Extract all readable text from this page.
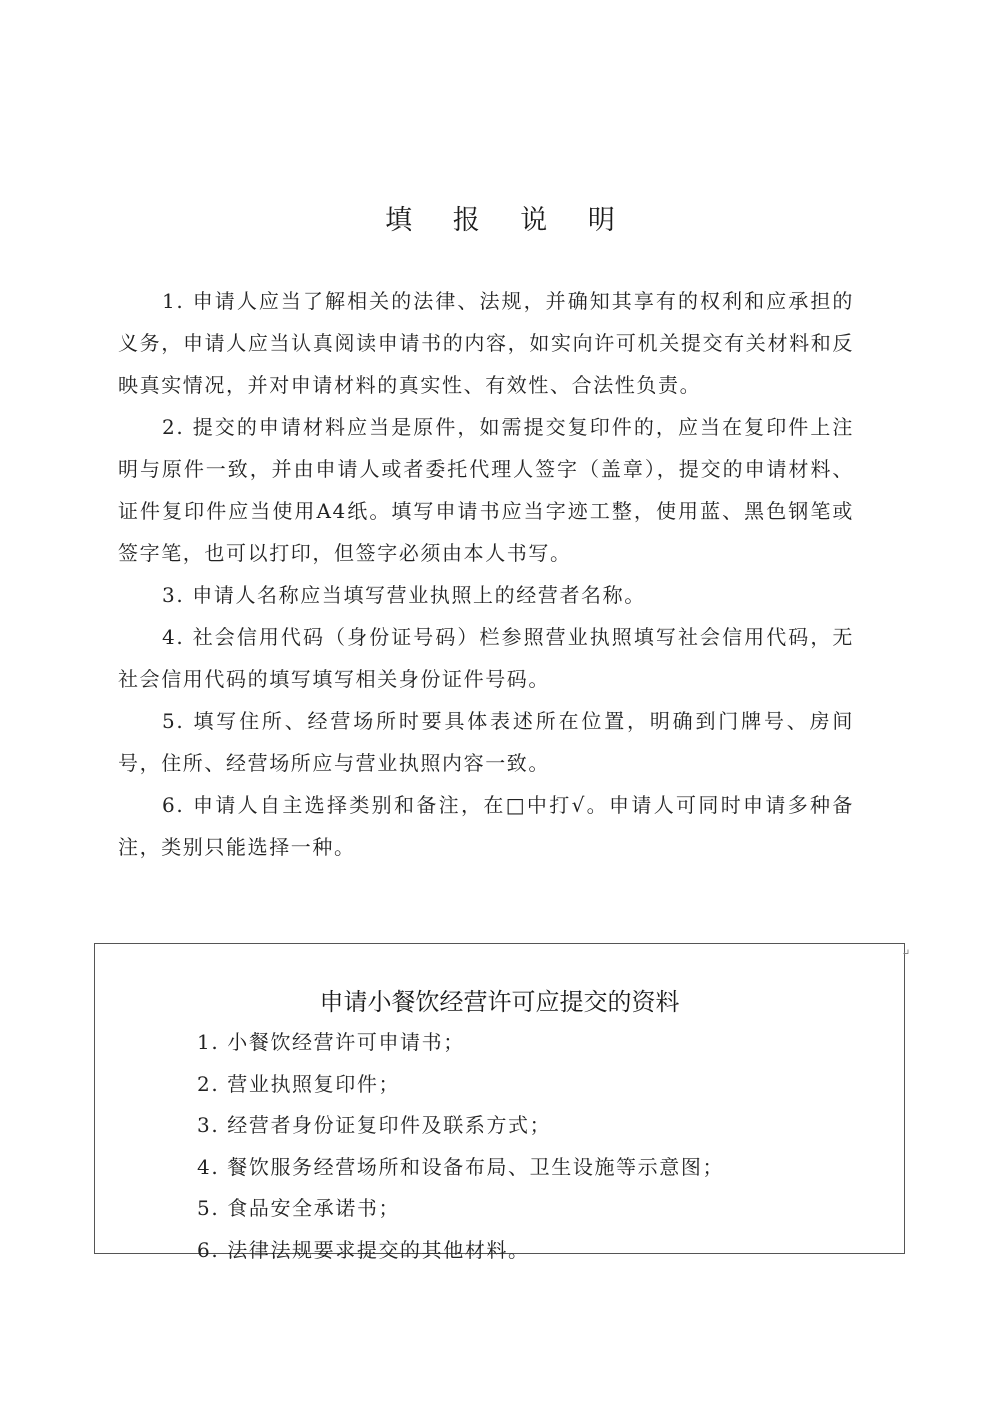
填 报 说 明

1. 申请人应当了解相关的法律、法规，并确知其享有的权利和应承担的义务，申请人应当认真阅读申请书的内容，如实向许可机关提交有关材料和反映真实情况，并对申请材料的真实性、有效性、合法性负责。

2. 提交的申请材料应当是原件，如需提交复印件的，应当在复印件上注明与原件一致，并由申请人或者委托代理人签字（盖章），提交的申请材料、证件复印件应当使用A4纸。填写申请书应当字迹工整，使用蓝、黑色钢笔或签字笔，也可以打印，但签字必须由本人书写。

3. 申请人名称应当填写营业执照上的经营者名称。

4. 社会信用代码（身份证号码）栏参照营业执照填写社会信用代码，无社会信用代码的填写填写相关身份证件号码。

5. 填写住所、经营场所时要具体表述所在位置，明确到门牌号、房间号，住所、经营场所应与营业执照内容一致。

6. 申请人自主选择类别和备注，在□中打√。申请人可同时申请多种备注，类别只能选择一种。

↵
申请小餐饮经营许可应提交的资料
1. 小餐饮经营许可申请书；
2. 营业执照复印件；
3. 经营者身份证复印件及联系方式；
4. 餐饮服务经营场所和设备布局、卫生设施等示意图；
5. 食品安全承诺书；
6. 法律法规要求提交的其他材料。
